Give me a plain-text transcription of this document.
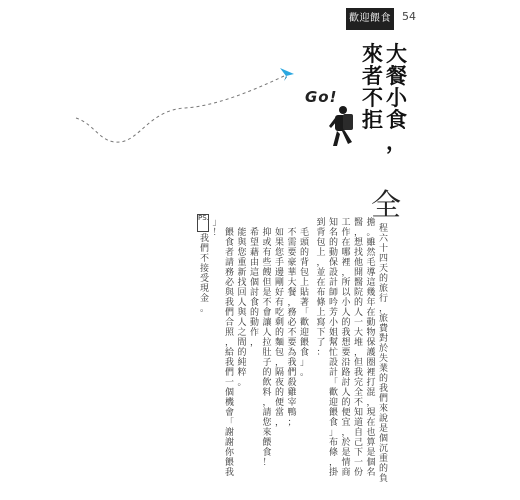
歡迎餵食 54
Go!
大
餐
小
食
，
來
者
不
拒
全
程
六
十
四
天
的
旅
行
，
旅
費
對
於
失
業
的
我
們
來
說
是
個
沉
重
的
負
擔
。
雖
然
毛
導
這
幾
年
在
動
物
保
護
圈
裡
打
混
，
現
在
也
算
是
個
名
醫
，
想
找
他
開
醫
院
的
人
一
大
堆
，
但
我
完
全
不
知
道
自
己
下
一
份
工
作
在
哪
裡
，
所
以
小
人
的
我
想
要
沿
路
討
人
的
便
宜
，
於
是
情
商
知
名
的
動
保
設
計
師
吟
芳
小
姐
幫
忙
設
計
「
歡
迎
餵
食
」
布
條
，
掛
到
背
包
上
，
並
在
布
條
上
寫
下
了
：
毛
頭
的
背
包
上
貼
著
「
歡
迎
餵
食
」
。
不
需
要
豪
華
大
餐
，
務
必
不
要
為
我
們
殺
雞
宰
鴨
；
如
果
您
手
邊
剛
好
有
吃
剩
的
麵
包
，
隔
夜
的
便
當
，
抑
或
有
些
餿
但
是
不
會
讓
人
拉
肚
子
的
飲
料
，
請
您
來
餵
食
！
希
望
藉
由
這
個
討
食
的
動
作
，
能
與
您
重
新
找
回
人
與
人
之
間
的
純
粹
。
餵
食
者
請
務
必
與
我
們
合
照
，
給
我
們
一
個
機
會
「
謝
謝
你
餵
我
」
！
PS.
我
們
不
接
受
現
金
。
